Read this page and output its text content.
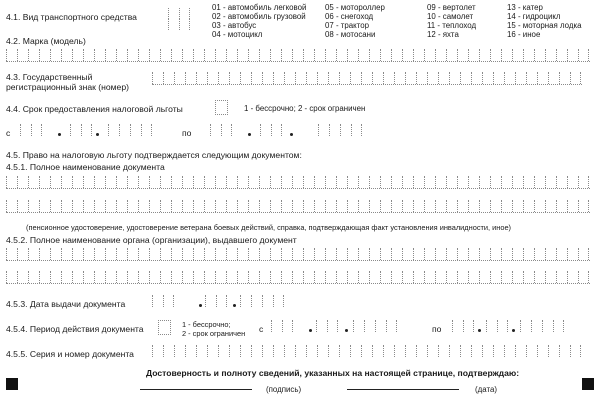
4.1. Вид транспортного средства
01 - автомобиль легковой
02 - автомобиль грузовой
03 - автобус
04 - мотоцикл
05 - мотороллер
06 - снегоход
07 - трактор
08 - мотосани
09 - вертолет
10 - самолет
11 - теплоход
12 - яхта
13 - катер
14 - гидроцикл
15 - моторная лодка
16 - иное
4.2. Марка (модель)
4.3. Государственный
регистрационный знак (номер)
4.4. Срок предоставления налоговой льготы	1 - бессрочно; 2 - срок ограничен
с	по
4.5. Право на налоговую льготу подтверждается следующим документом:
4.5.1. Полное наименование документа
(пенсионное удостоверение, удостоверение ветерана боевых действий, справка, подтверждающая факт установления инвалидности, иное)
4.5.2. Полное наименование органа (организации), выдавшего документ
4.5.3. Дата выдачи документа
4.5.4. Период действия документа	1 - бессрочно;
2 - срок ограничен с	по
4.5.5. Серия и номер документа
Достоверность и полноту сведений, указанных на настоящей странице, подтверждаю:
(подпись)	(дата)
